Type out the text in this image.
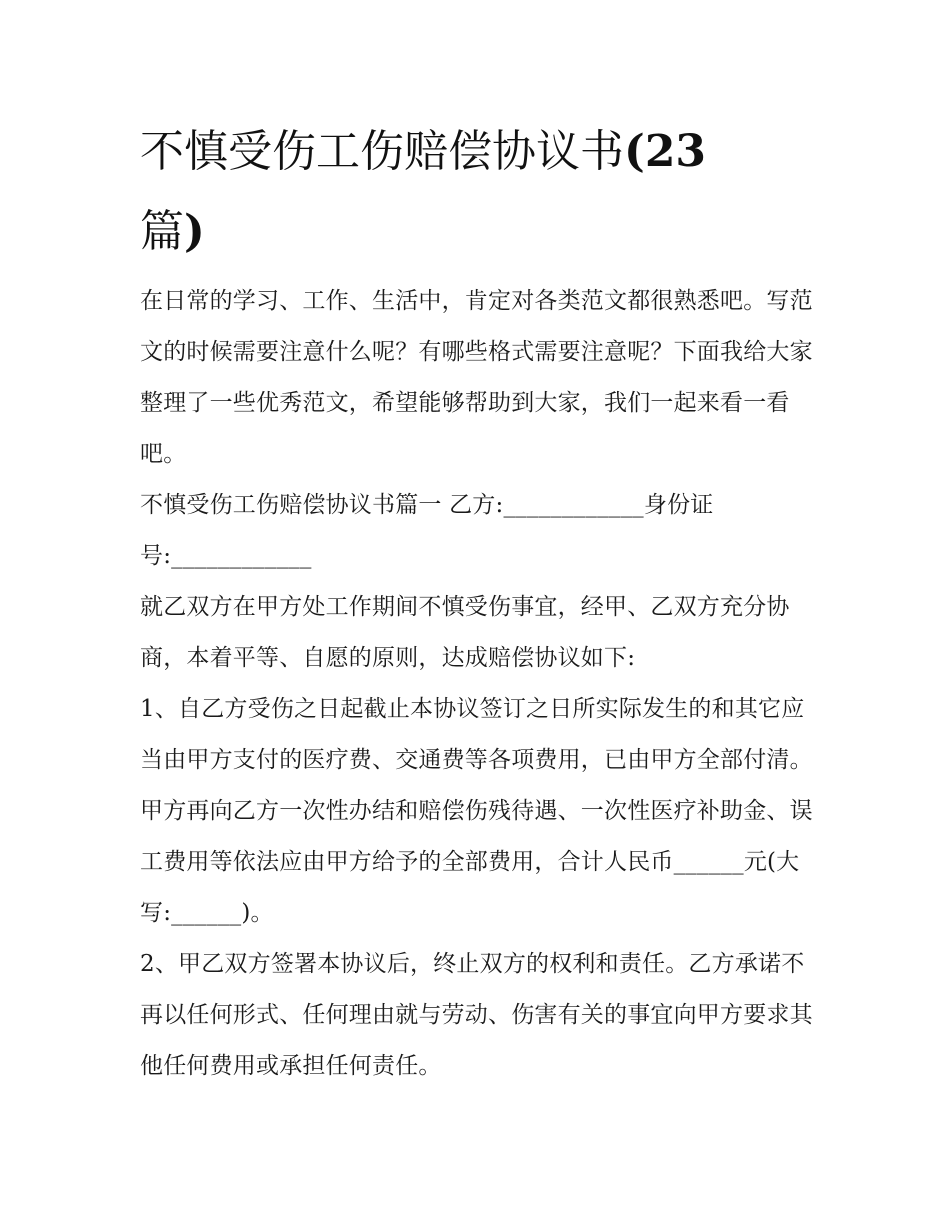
不慎受伤工伤赔偿协议书(23
篇)

在日常的学习、工作、生活中，肯定对各类范文都很熟悉吧。写范文的时候需要注意什么呢？有哪些格式需要注意呢？下面我给大家整理了一些优秀范文，希望能够帮助到大家，我们一起来看一看吧。

不慎受伤工伤赔偿协议书篇一 乙方:____________身份证号:____________

就乙双方在甲方处工作期间不慎受伤事宜，经甲、乙双方充分协商，本着平等、自愿的原则，达成赔偿协议如下:

1、自乙方受伤之日起截止本协议签订之日所实际发生的和其它应当由甲方支付的医疗费、交通费等各项费用，已由甲方全部付清。甲方再向乙方一次性办结和赔偿伤残待遇、一次性医疗补助金、误工费用等依法应由甲方给予的全部费用，合计人民币______元(大写:______)。

2、甲乙双方签署本协议后，终止双方的权利和责任。乙方承诺不再以任何形式、任何理由就与劳动、伤害有关的事宜向甲方要求其他任何费用或承担任何责任。
